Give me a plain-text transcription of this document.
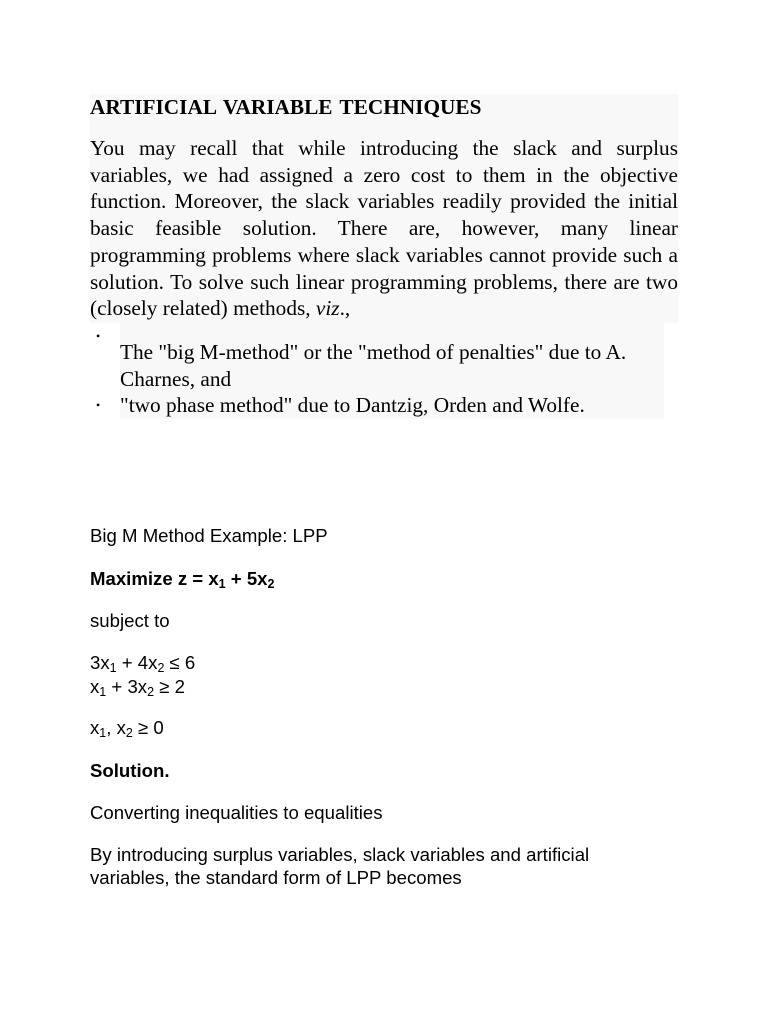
ARTIFICIAL VARIABLE TECHNIQUES

You may recall that while introducing the slack and surplus variables, we had assigned a zero cost to them in the objective function. Moreover, the slack variables readily provided the initial basic feasible solution. There are, however, many linear programming problems where slack variables cannot provide such a solution. To solve such linear programming problems, there are two (closely related) methods, viz.,

•
The "big M-method" or the "method of penalties" due to A. Charnes, and
• "two phase method" due to Dantzig, Orden and Wolfe.

Big M Method Example: LPP

Maximize $z = x_1 + 5x_2$

subject to

$3x_1 + 4x_2 \le 6$

$x_1 + 3x_2 \ge 2$

$x_1$, $x_2 \ge 0$

Solution.

Converting inequalities to equalities

By introducing surplus variables, slack variables and artificial variables, the standard form of LPP becomes
